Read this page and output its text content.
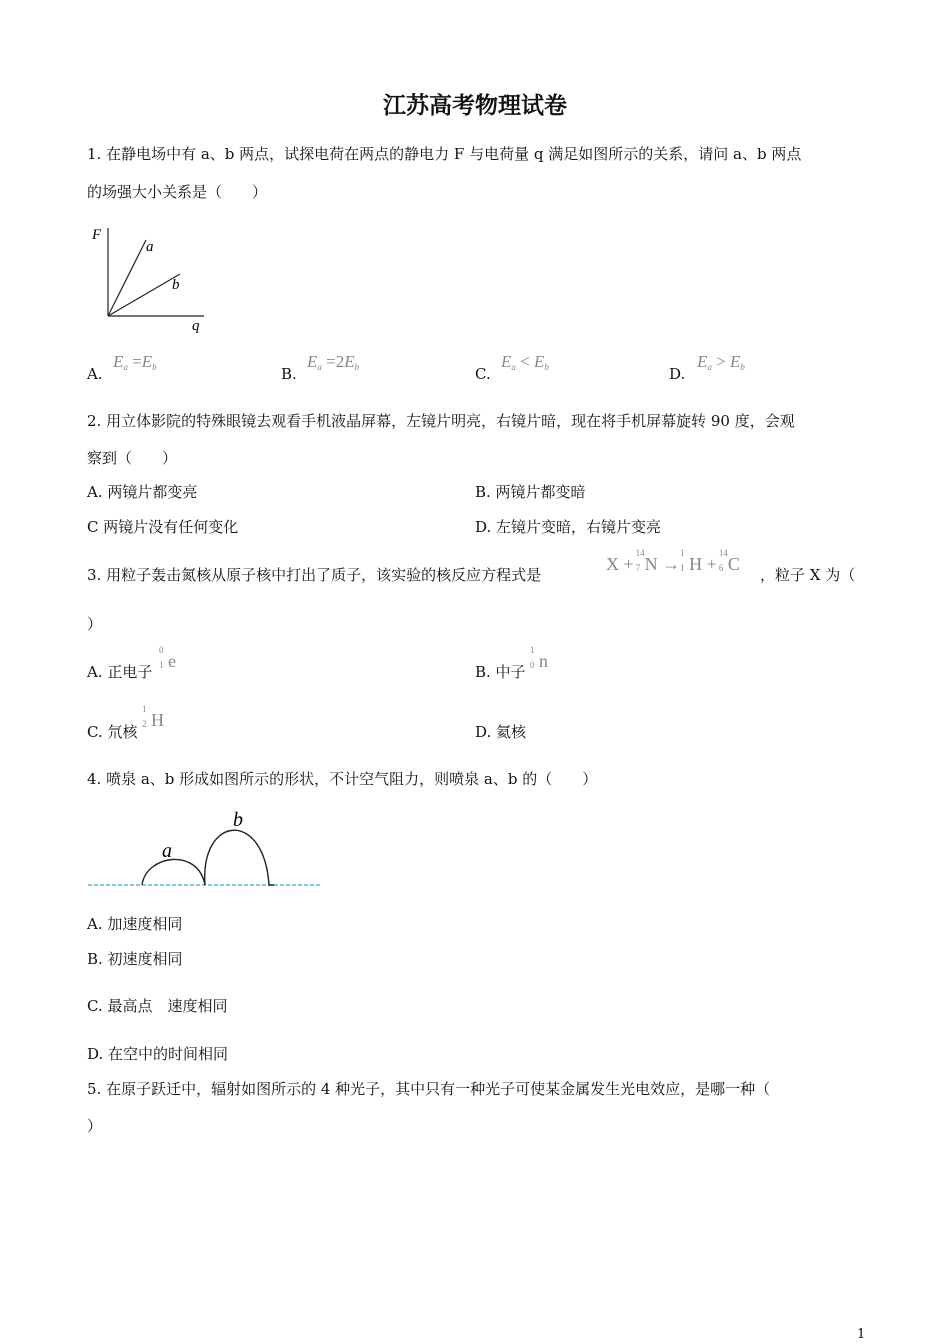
江苏高考物理试卷
1. 在静电场中有 a、b 两点，试探电荷在两点的静电力 F 与电荷量 q 满足如图所示的关系，请问 a、b 两点
的场强大小关系是（　　）
F
q
a
b
A.
$E_a =E_b$	B.
$E_a =2E_b$	C.
$E_a < E_b$	D.
$E_a > E_b$
2. 用立体影院的特殊眼镜去观看手机液晶屏幕，左镜片明亮，右镜片暗，现在将手机屏幕旋转 90 度，会观
察到（　　）
A. 两镜片都变亮	B. 两镜片都变暗
C 两镜片没有任何变化	D. 左镜片变暗，右镜片变亮
3. 用粒子轰击氮核从原子核中打出了质子，该实验的核反应方程式是
X +
14
7 N →
1
1 H +
14
6 C
，粒子 X 为（
）
A. 正电子
0
1 e
B. 中子
1
0 n
C. 氘核
1
2 H
D. 氦核
4. 喷泉 a、b 形成如图所示的形状，不计空气阻力，则喷泉 a、b 的（　　）
a
b
A. 加速度相同
B. 初速度相同
C. 最高点　速度相同
D. 在空中的时间相同
5. 在原子跃迁中，辐射如图所示的 4 种光子，其中只有一种光子可使某金属发生光电效应，是哪一种（
）
1
